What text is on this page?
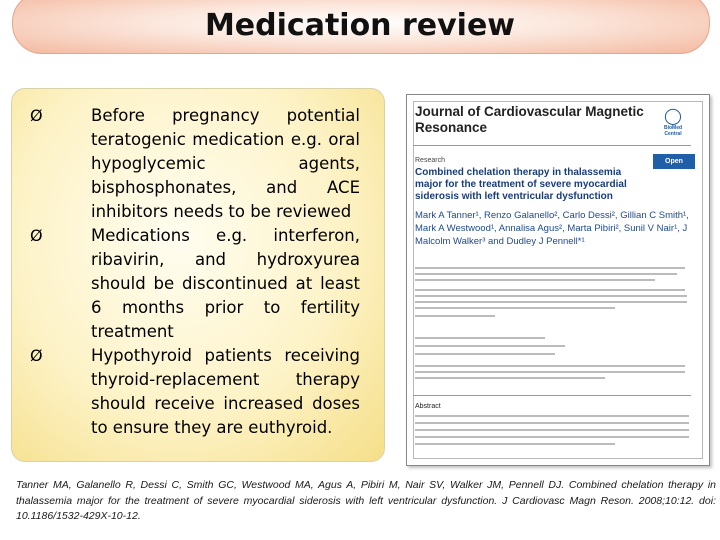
Medication review
Ø	Before pregnancy potential teratogenic medication e.g. oral hypoglycemic agents, bisphosphonates, and ACE inhibitors needs to be reviewed
Ø	Medications e.g. interferon, ribavirin, and hydroxyurea should be discontinued at least 6 months prior to fertility treatment
Ø	Hypothyroid patients receiving thyroid-replacement therapy should receive increased doses to ensure they are euthyroid.
Journal of Cardiovascular Magnetic Resonance
◯
BioMed Central
Research	Open Access
Combined chelation therapy in thalassemia major for the treatment of severe myocardial siderosis with left ventricular dysfunction
Mark A Tanner¹, Renzo Galanello², Carlo Dessi², Gillian C Smith¹, Mark A Westwood¹, Annalisa Agus², Marta Pibiri², Sunil V Nair¹, J Malcolm Walker³ and Dudley J Pennell*¹
Abstract

Tanner MA, Galanello R, Dessi C, Smith GC, Westwood MA, Agus A, Pibiri M, Nair SV, Walker JM, Pennell DJ. Combined chelation therapy in thalassemia major for the treatment of severe myocardial siderosis with left ventricular dysfunction. J Cardiovasc Magn Reson. 2008;10:12. doi: 10.1186/1532-429X-10-12.
